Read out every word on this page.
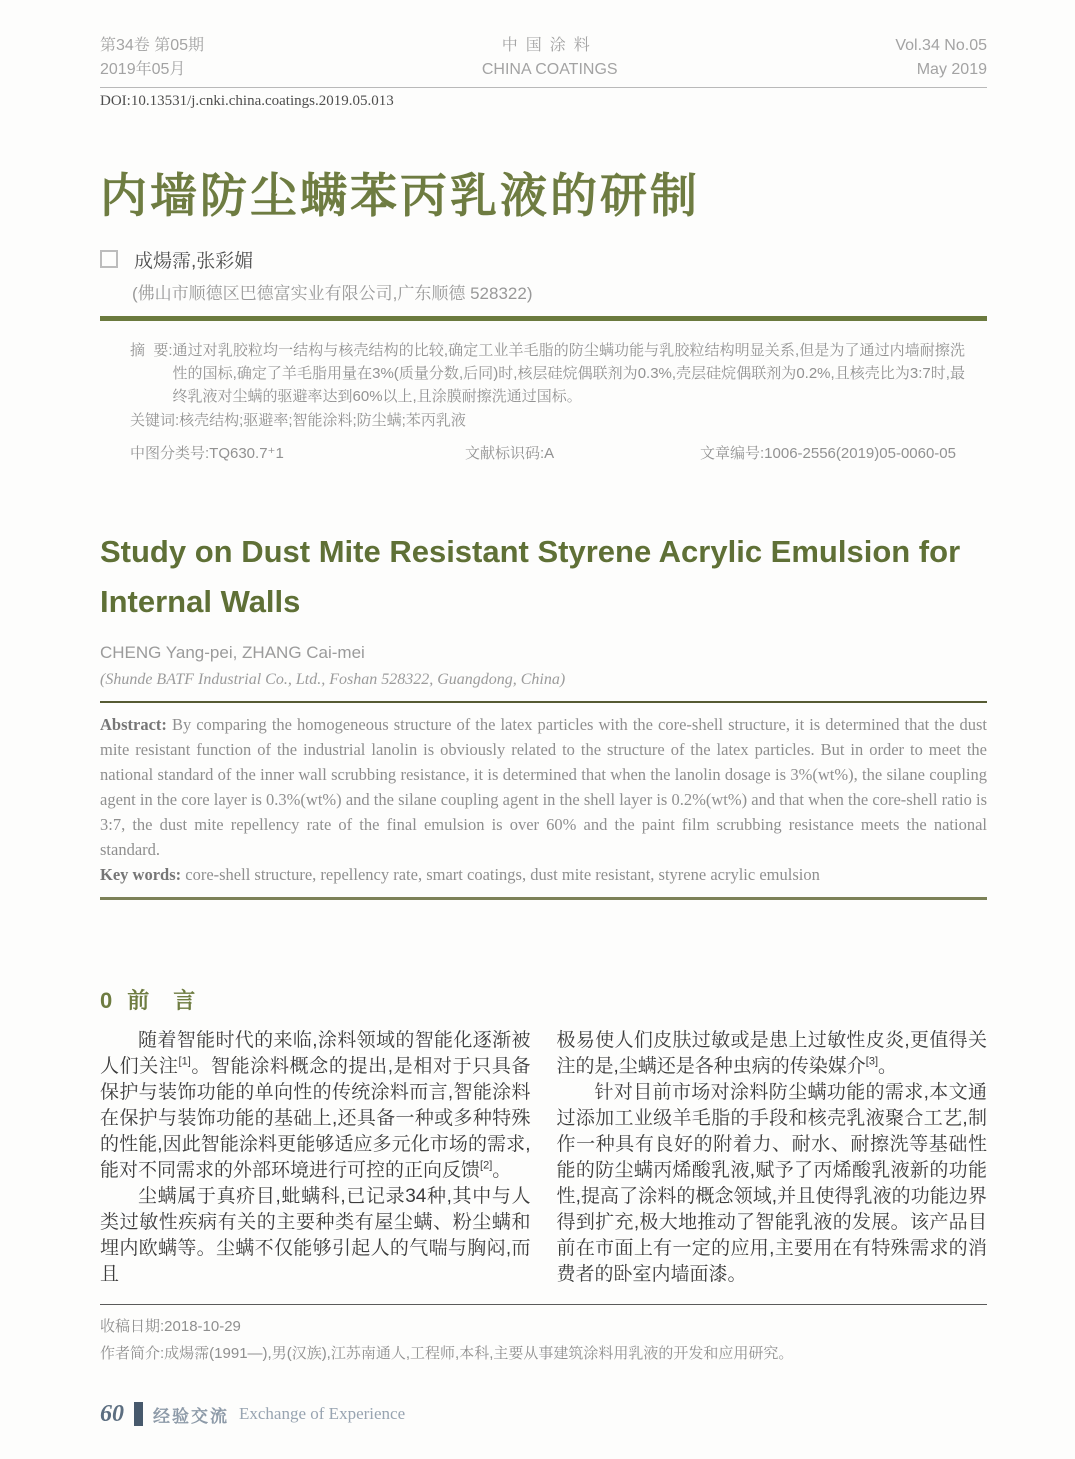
第34卷 第05期
2019年05月
中国涂料
CHINA COATINGS
Vol.34 No.05
May 2019
DOI:10.13531/j.cnki.china.coatings.2019.05.013
内墙防尘螨苯丙乳液的研制
成煬霈,张彩媚
(佛山市顺德区巴德富实业有限公司,广东顺德 528322)
摘  要: 通过对乳胶粒均一结构与核壳结构的比较,确定工业羊毛脂的防尘螨功能与乳胶粒结构明显关系,但是为了通过内墙耐擦洗性的国标,确定了羊毛脂用量在3%(质量分数,后同)时,核层硅烷偶联剂为0.3%,壳层硅烷偶联剂为0.2%,且核壳比为3:7时,最终乳液对尘螨的驱避率达到60%以上,且涂膜耐擦洗通过国标。
关键词:核壳结构;驱避率;智能涂料;防尘螨;苯丙乳液
中图分类号:TQ630.7⁺1	文献标识码:A	文章编号:1006-2556(2019)05-0060-05
Study on Dust Mite Resistant Styrene Acrylic Emulsion for Internal Walls
CHENG Yang-pei, ZHANG Cai-mei
(Shunde BATF Industrial Co., Ltd., Foshan 528322, Guangdong, China)
Abstract: By comparing the homogeneous structure of the latex particles with the core-shell structure, it is determined that the dust mite resistant function of the industrial lanolin is obviously related to the structure of the latex particles. But in order to meet the national standard of the inner wall scrubbing resistance, it is determined that when the lanolin dosage is 3%(wt%), the silane coupling agent in the core layer is 0.3%(wt%) and the silane coupling agent in the shell layer is 0.2%(wt%) and that when the core-shell ratio is 3:7, the dust mite repellency rate of the final emulsion is over 60% and the paint film scrubbing resistance meets the national standard.
Key words: core-shell structure, repellency rate, smart coatings, dust mite resistant, styrene acrylic emulsion
0 前　言

随着智能时代的来临,涂料领域的智能化逐渐被人们关注[1]。智能涂料概念的提出,是相对于只具备保护与装饰功能的单向性的传统涂料而言,智能涂料在保护与装饰功能的基础上,还具备一种或多种特殊的性能,因此智能涂料更能够适应多元化市场的需求,能对不同需求的外部环境进行可控的正向反馈[2]。

尘螨属于真疥目,蚍螨科,已记录34种,其中与人类过敏性疾病有关的主要种类有屋尘螨、粉尘螨和埋内欧螨等。尘螨不仅能够引起人的气喘与胸闷,而且

极易使人们皮肤过敏或是患上过敏性皮炎,更值得关注的是,尘螨还是各种虫病的传染媒介[3]。

针对目前市场对涂料防尘螨功能的需求,本文通过添加工业级羊毛脂的手段和核壳乳液聚合工艺,制作一种具有良好的附着力、耐水、耐擦洗等基础性能的防尘螨丙烯酸乳液,赋予了丙烯酸乳液新的功能性,提高了涂料的概念领域,并且使得乳液的功能边界得到扩充,极大地推动了智能乳液的发展。该产品目前在市面上有一定的应用,主要用在有特殊需求的消费者的卧室内墙面漆。

收稿日期:2018-10-29
作者简介:成煬霈(1991—),男(汉族),江苏南通人,工程师,本科,主要从事建筑涂料用乳液的开发和应用研究。
60 经验交流 Exchange of Experience
